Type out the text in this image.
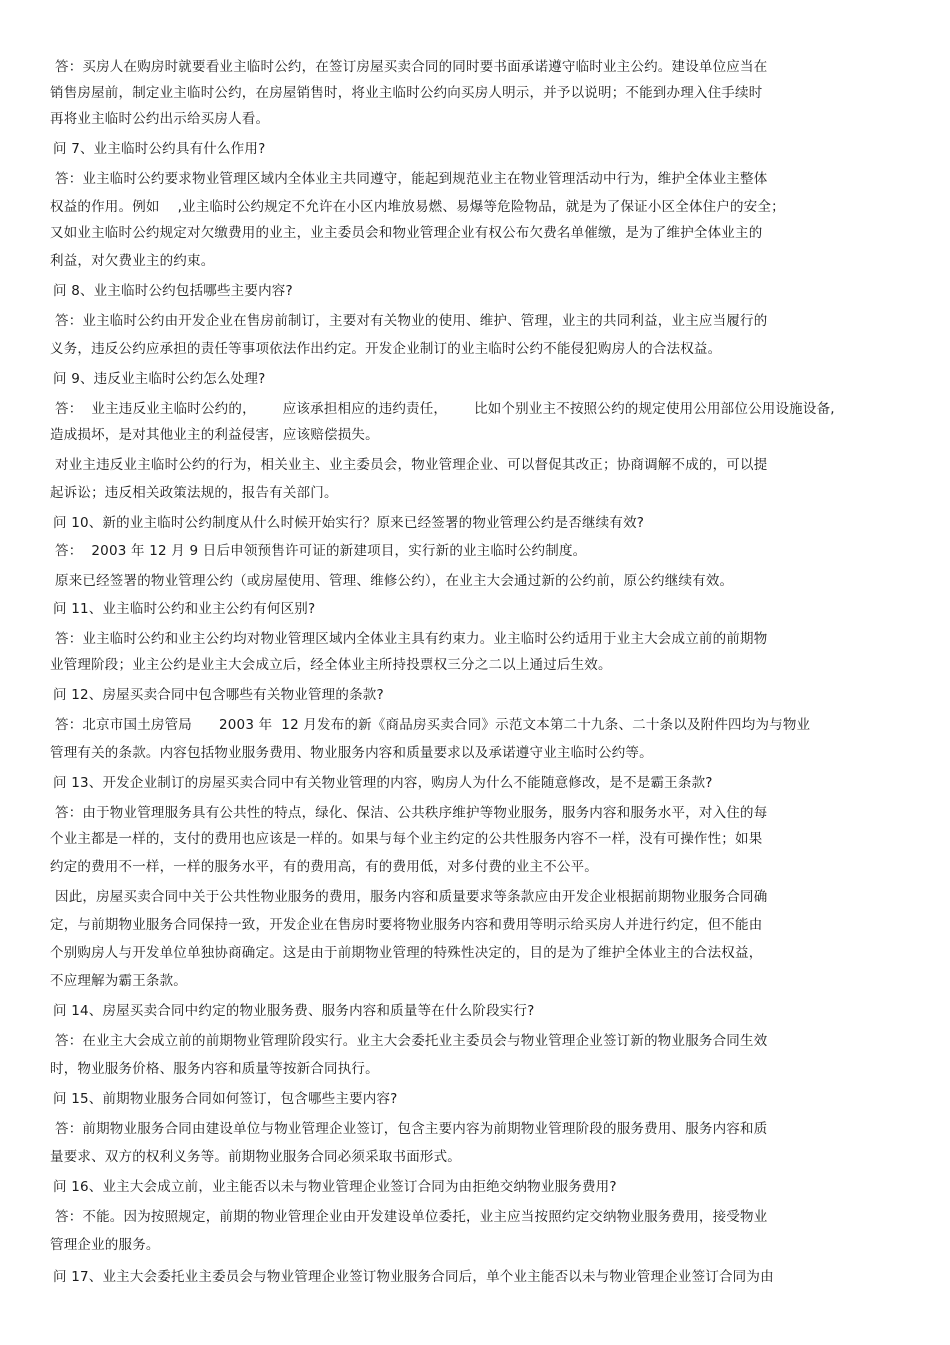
答：买房人在购房时就要看业主临时公约，在签订房屋买卖合同的同时要书面承诺遵守临时业主公约。建设单位应当在
销售房屋前，制定业主临时公约，在房屋销售时，将业主临时公约向买房人明示，并予以说明；不能到办理入住手续时
再将业主临时公约出示给买房人看。
问 7、业主临时公约具有什么作用?
答：业主临时公约要求物业管理区域内全体业主共同遵守，能起到规范业主在物业管理活动中行为，维护全体业主整体
权益的作用。例如    ,业主临时公约规定不允许在小区内堆放易燃、易爆等危险物品，就是为了保证小区全体住户的安全；
又如业主临时公约规定对欠缴费用的业主，业主委员会和物业管理企业有权公布欠费名单催缴，是为了维护全体业主的
利益，对欠费业主的约束。
问 8、业主临时公约包括哪些主要内容?
答：业主临时公约由开发企业在售房前制订，主要对有关物业的使用、维护、管理，业主的共同利益，业主应当履行的
义务，违反公约应承担的责任等事项依法作出约定。开发企业制订的业主临时公约不能侵犯购房人的合法权益。
问 9、违反业主临时公约怎么处理?
答：  业主违反业主临时公约的，      应该承担相应的违约责任，      比如个别业主不按照公约的规定使用公用部位公用设施设备,
造成损坏，是对其他业主的利益侵害，应该赔偿损失。
对业主违反业主临时公约的行为，相关业主、业主委员会，物业管理企业、可以督促其改正；协商调解不成的，可以提
起诉讼；违反相关政策法规的，报告有关部门。
问 10、新的业主临时公约制度从什么时候开始实行？原来已经签署的物业管理公约是否继续有效?
答：  2003 年 12 月 9 日后申领预售许可证的新建项目，实行新的业主临时公约制度。
原来已经签署的物业管理公约（或房屋使用、管理、维修公约），在业主大会通过新的公约前，原公约继续有效。
问 11、业主临时公约和业主公约有何区别?
答：业主临时公约和业主公约均对物业管理区域内全体业主具有约束力。业主临时公约适用于业主大会成立前的前期物
业管理阶段；业主公约是业主大会成立后，经全体业主所持投票权三分之二以上通过后生效。
问 12、房屋买卖合同中包含哪些有关物业管理的条款?
答：北京市国土房管局      2003 年  12 月发布的新《商品房买卖合同》示范文本第二十九条、二十条以及附件四均为与物业
管理有关的条款。内容包括物业服务费用、物业服务内容和质量要求以及承诺遵守业主临时公约等。
问 13、开发企业制订的房屋买卖合同中有关物业管理的内容，购房人为什么不能随意修改，是不是霸王条款?
答：由于物业管理服务具有公共性的特点，绿化、保洁、公共秩序维护等物业服务，服务内容和服务水平，对入住的每
个业主都是一样的，支付的费用也应该是一样的。如果与每个业主约定的公共性服务内容不一样，没有可操作性；如果
约定的费用不一样，一样的服务水平，有的费用高，有的费用低，对多付费的业主不公平。
因此，房屋买卖合同中关于公共性物业服务的费用，服务内容和质量要求等条款应由开发企业根据前期物业服务合同确
定，与前期物业服务合同保持一致，开发企业在售房时要将物业服务内容和费用等明示给买房人并进行约定，但不能由
个别购房人与开发单位单独协商确定。这是由于前期物业管理的特殊性决定的，目的是为了维护全体业主的合法权益，
不应理解为霸王条款。
问 14、房屋买卖合同中约定的物业服务费、服务内容和质量等在什么阶段实行?
答：在业主大会成立前的前期物业管理阶段实行。业主大会委托业主委员会与物业管理企业签订新的物业服务合同生效
时，物业服务价格、服务内容和质量等按新合同执行。
问 15、前期物业服务合同如何签订，包含哪些主要内容?
答：前期物业服务合同由建设单位与物业管理企业签订，包含主要内容为前期物业管理阶段的服务费用、服务内容和质
量要求、双方的权利义务等。前期物业服务合同必须采取书面形式。
问 16、业主大会成立前，业主能否以未与物业管理企业签订合同为由拒绝交纳物业服务费用?
答：不能。因为按照规定，前期的物业管理企业由开发建设单位委托，业主应当按照约定交纳物业服务费用，接受物业
管理企业的服务。
问 17、业主大会委托业主委员会与物业管理企业签订物业服务合同后，单个业主能否以未与物业管理企业签订合同为由
